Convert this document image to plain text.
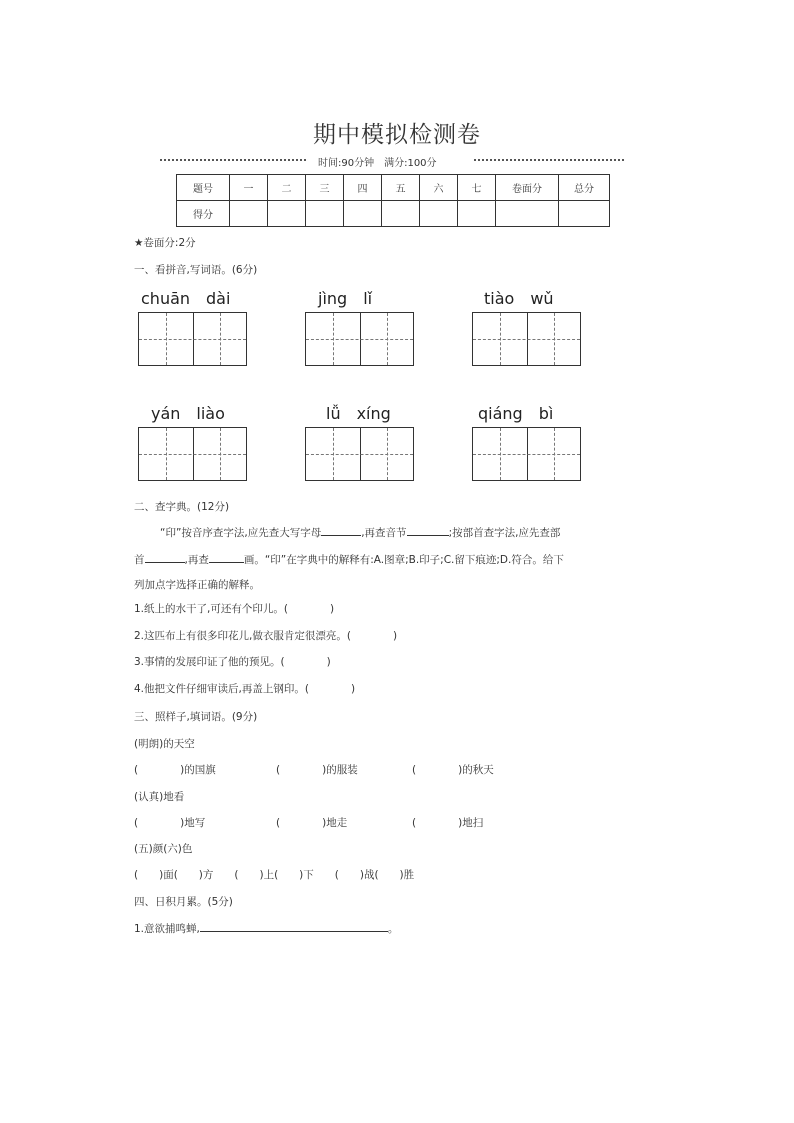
期中模拟检测卷
时间:90分钟　满分:100分
题号	一	二	三	四	五	六	七	卷面分	总分
得分									
★卷面分:2分
一、看拼音,写词语。(6分)
chuān　dài	jìng　lǐ	tiào　wǔ
yán　liào	lǚ　xíng	qiáng　bì
二、查字典。(12分)
“印”按音序查字法,应先查大写字母	,再查音节	;按部首查字法,应先查部
首	,再查	画。“印”在字典中的解释有:A.图章;B.印子;C.留下痕迹;D.符合。给下
列加点字选择正确的解释。
1.纸上的水干了,可还有个印儿。(　　　　)
2.这匹布上有很多印花儿,做衣服肯定很漂亮。(　　　　)
3.事情的发展印证了他的预见。(　　　　)
4.他把文件仔细审读后,再盖上钢印。(　　　　)
三、照样子,填词语。(9分)
(明朗)的天空
(　　　　)的国旗	(　　　　)的服装	(　　　　)的秋天
(认真)地看
(　　　　)地写	(　　　　)地走	(　　　　)地扫
(五)颜(六)色
(　　)面(　　)方　　(　　)上(　　)下　　(　　)战(　　)胜
四、日积月累。(5分)
1.意欲捕鸣蝉,	。
